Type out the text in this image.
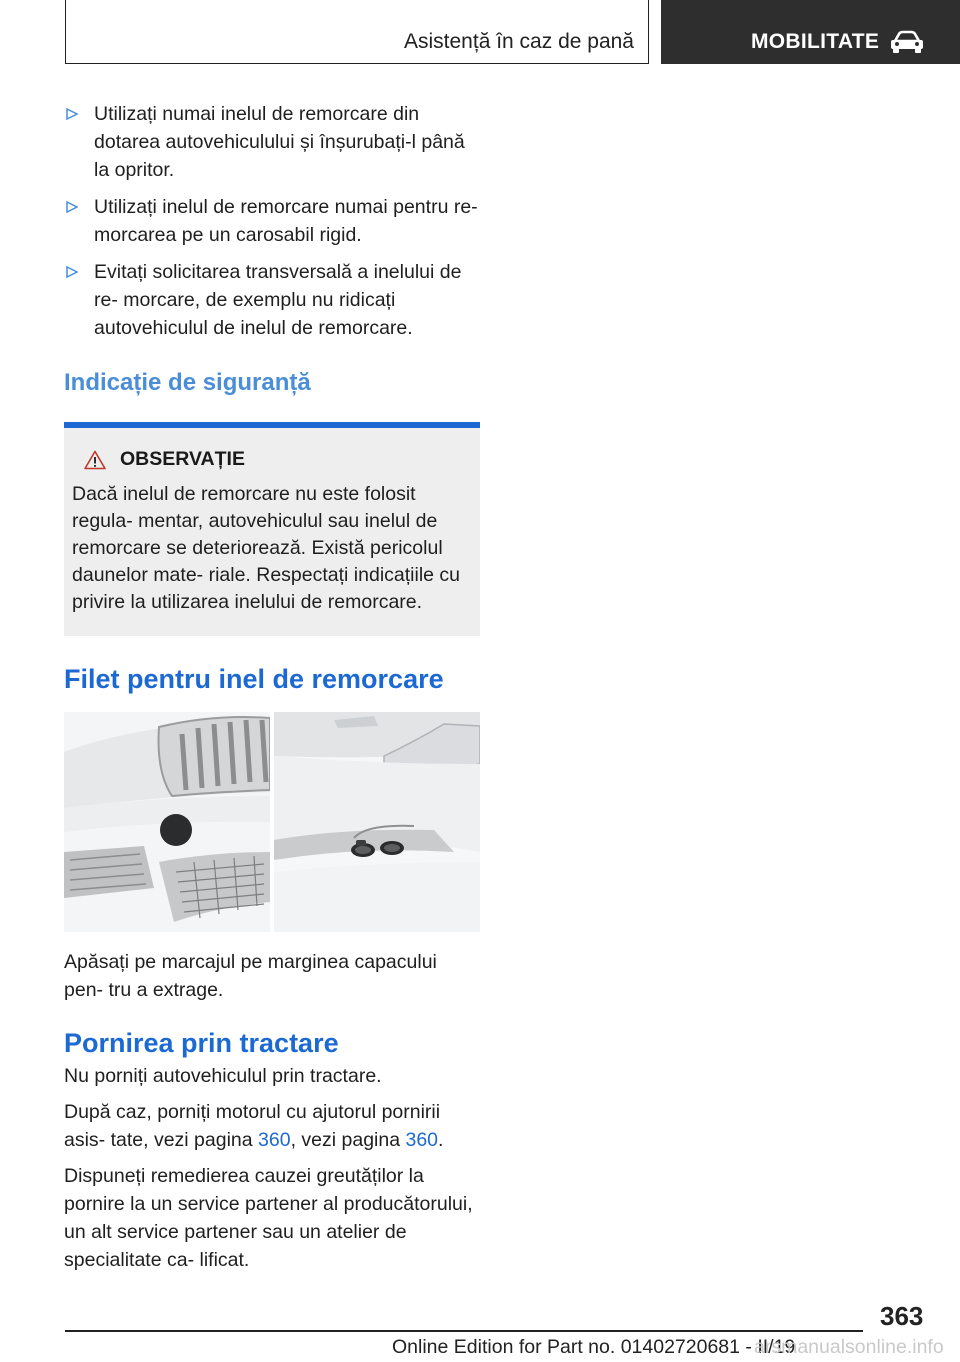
Asistență în caz de pană	MOBILITATE
Utilizați numai inelul de remorcare din dotarea autovehiculului și înșurubați-l până la opritor.
Utilizați inelul de remorcare numai pentru re‐ morcarea pe un carosabil rigid.
Evitați solicitarea transversală a inelului de re‐ morcare, de exemplu nu ridicați autovehiculul de inelul de remorcare.
Indicație de siguranță
OBSERVAȚIE
Dacă inelul de remorcare nu este folosit regula‐ mentar, autovehiculul sau inelul de remorcare se deteriorează. Există pericolul daunelor mate‐ riale. Respectați indicațiile cu privire la utilizarea inelului de remorcare.
Filet pentru inel de remorcare

Apăsați pe marcajul pe marginea capacului pen‐ tru a extrage.

Pornirea prin tractare

Nu porniți autovehiculul prin tractare.

După caz, porniți motorul cu ajutorul pornirii asis‐ tate, vezi pagina 360, vezi pagina 360.

Dispuneți remedierea cauzei greutăților la pornire la un service partener al producătorului, un alt service partener sau un atelier de specialitate ca‐ lificat.

363
Online Edition for Part no. 01402720681 - II/19
arsmanualsonline.info
